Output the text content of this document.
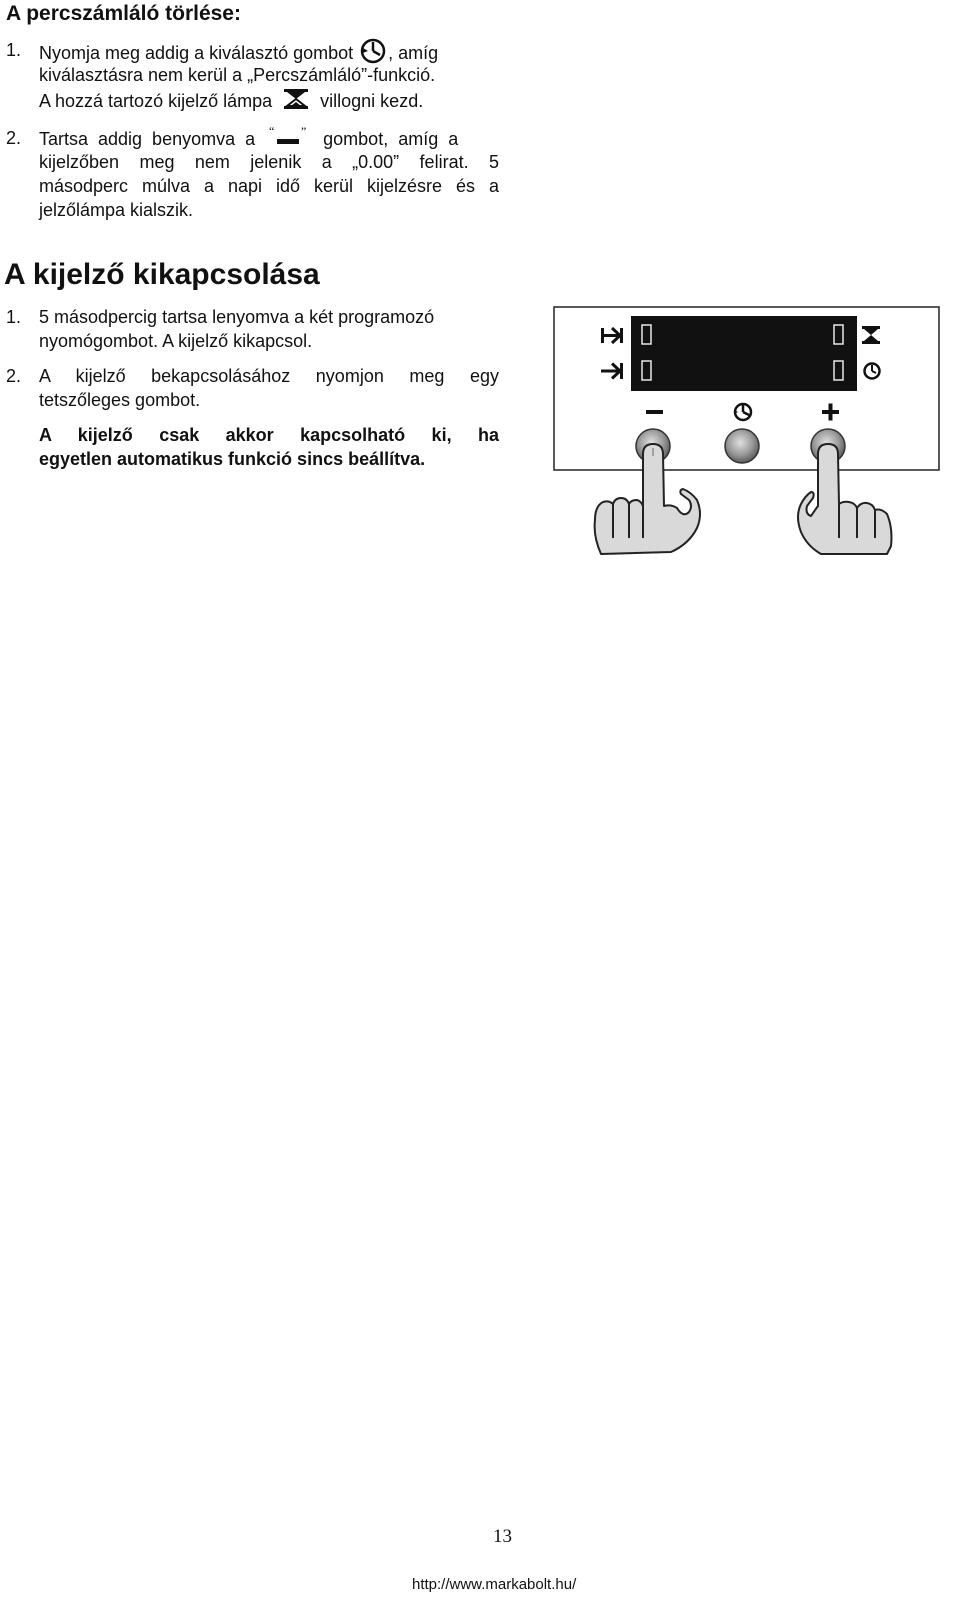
A percszámláló törlése:
1. Nyomja meg addig a kiválasztó gombot , amíg
kiválasztásra nem kerül a „Percszámláló”-funkció.
A hozzá tartozó kijelző lámpa	villogni kezd.
2. Tartsa addig benyomva a “ ” gombot, amíg a
kijelzőben meg nem jelenik a „0.00” felirat. 5
másodperc múlva a napi idő kerül kijelzésre és a
jelzőlámpa kialszik.
A kijelző kikapcsolása
1. 5 másodpercig tartsa lenyomva a két programozó
nyomógombot. A kijelző kikapcsol.
2. A kijelző bekapcsolásához nyomjon meg egy
tetszőleges gombot.
A kijelző csak akkor kapcsolható ki, ha
egyetlen automatikus funkció sincs beállítva.
13
http://www.markabolt.hu/
